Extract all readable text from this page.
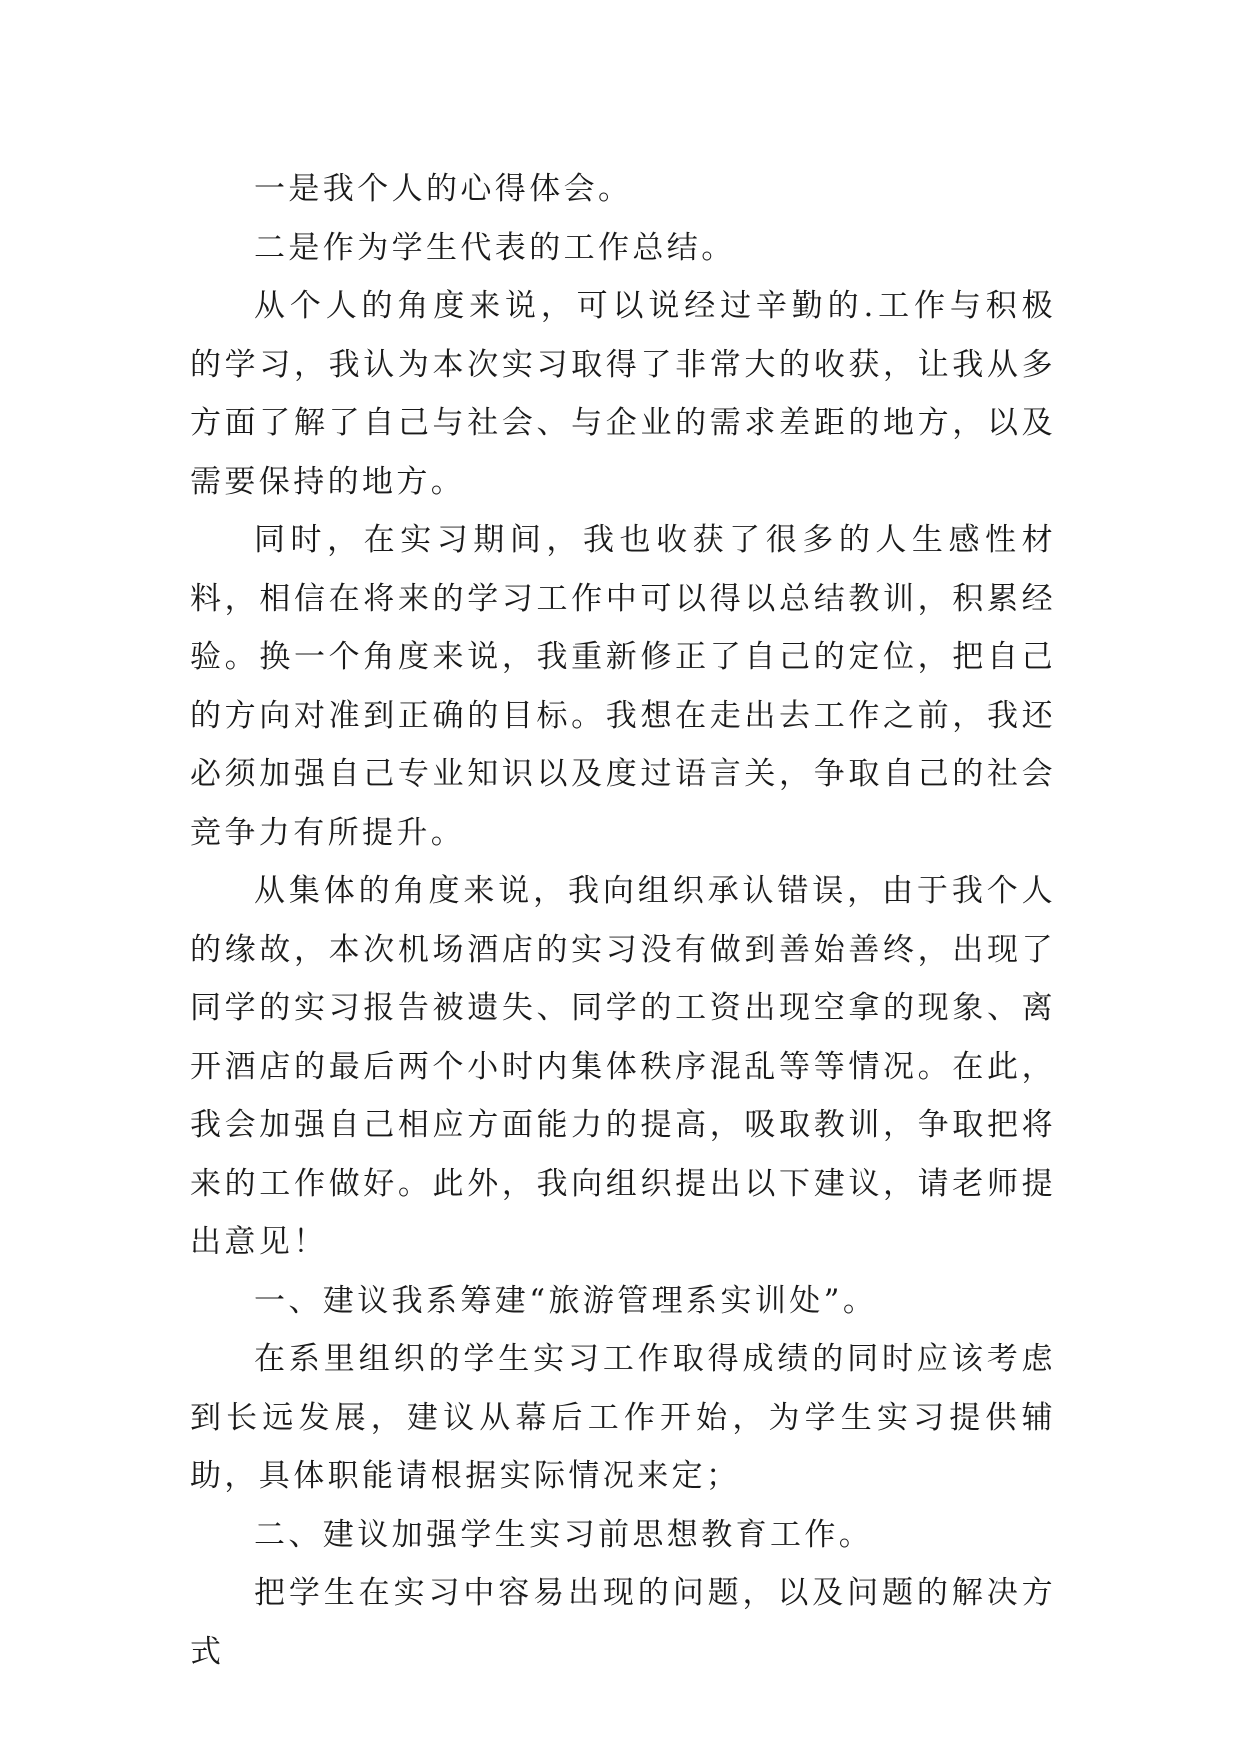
一是我个人的心得体会。

二是作为学生代表的工作总结。

从个人的角度来说，可以说经过辛勤的.工作与积极的学习，我认为本次实习取得了非常大的收获，让我从多方面了解了自己与社会、与企业的需求差距的地方，以及需要保持的地方。

同时，在实习期间，我也收获了很多的人生感性材料，相信在将来的学习工作中可以得以总结教训，积累经验。换一个角度来说，我重新修正了自己的定位，把自己的方向对准到正确的目标。我想在走出去工作之前，我还必须加强自己专业知识以及度过语言关，争取自己的社会竞争力有所提升。

从集体的角度来说，我向组织承认错误，由于我个人的缘故，本次机场酒店的实习没有做到善始善终，出现了同学的实习报告被遗失、同学的工资出现空拿的现象、离开酒店的最后两个小时内集体秩序混乱等等情况。在此，我会加强自己相应方面能力的提高，吸取教训，争取把将来的工作做好。此外，我向组织提出以下建议，请老师提出意见！

一、建议我系筹建“旅游管理系实训处”。

在系里组织的学生实习工作取得成绩的同时应该考虑到长远发展，建议从幕后工作开始，为学生实习提供辅助，具体职能请根据实际情况来定；

二、建议加强学生实习前思想教育工作。

把学生在实习中容易出现的问题，以及问题的解决方式
